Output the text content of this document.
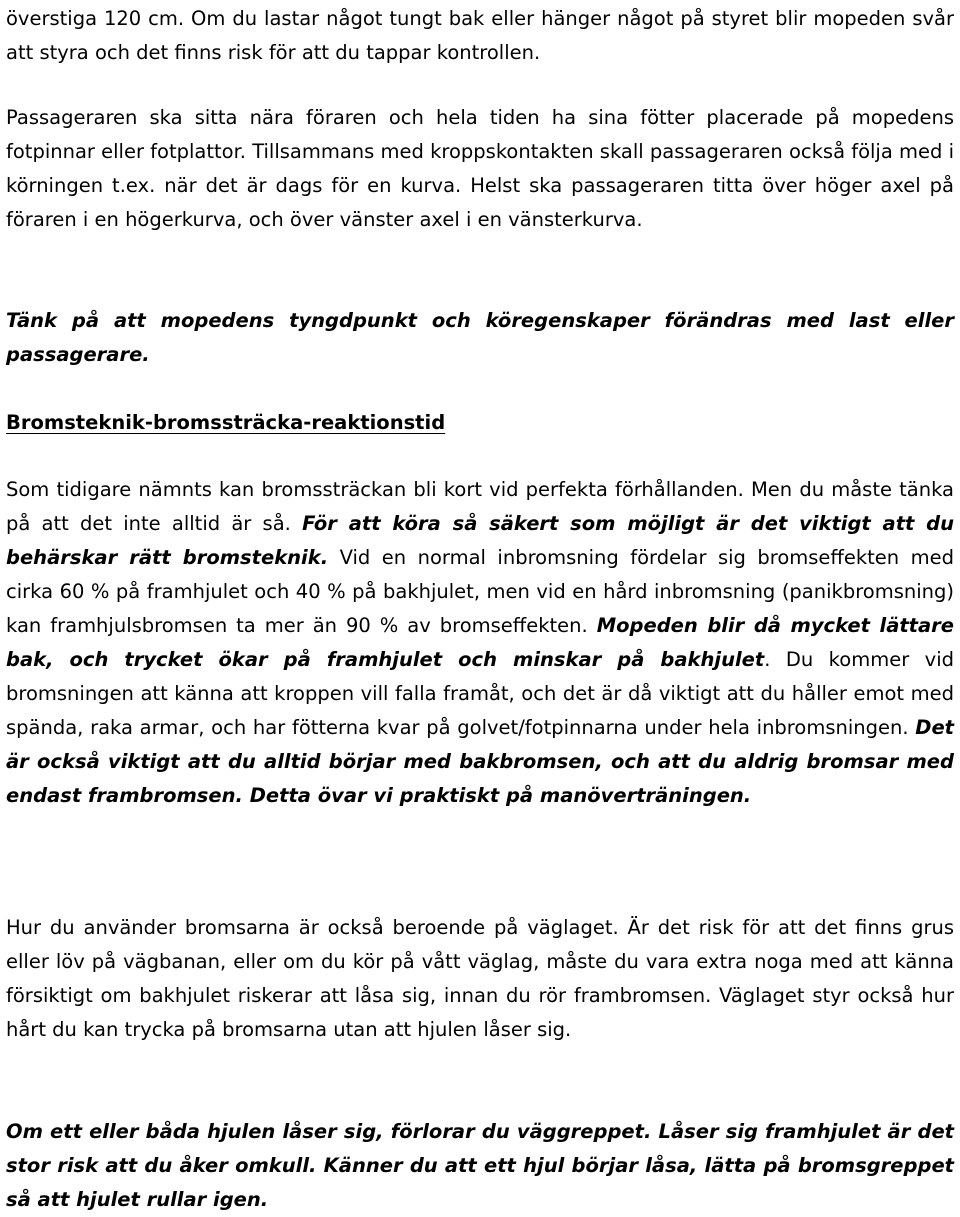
överstiga 120 cm. Om du lastar något tungt bak eller hänger något på styret blir mopeden svår att styra och det finns risk för att du tappar kontrollen.

Passageraren ska sitta nära föraren och hela tiden ha sina fötter placerade på mopedens fotpinnar eller fotplattor. Tillsammans med kroppskontakten skall passageraren också följa med i körningen t.ex. när det är dags för en kurva. Helst ska passageraren titta över höger axel på föraren i en högerkurva, och över vänster axel i en vänsterkurva.

Tänk på att mopedens tyngdpunkt och köregenskaper förändras med last eller passagerare.

Bromsteknik-bromssträcka-reaktionstid

Som tidigare nämnts kan bromssträckan bli kort vid perfekta förhållanden. Men du måste tänka på att det inte alltid är så. För att köra så säkert som möjligt är det viktigt att du behärskar rätt bromsteknik. Vid en normal inbromsning fördelar sig bromseffekten med cirka 60 % på framhjulet och 40 % på bakhjulet, men vid en hård inbromsning (panikbromsning) kan framhjulsbromsen ta mer än 90 % av bromseffekten. Mopeden blir då mycket lättare bak, och trycket ökar på framhjulet och minskar på bakhjulet. Du kommer vid bromsningen att känna att kroppen vill falla framåt, och det är då viktigt att du håller emot med spända, raka armar, och har fötterna kvar på golvet/fotpinnarna under hela inbromsningen. Det är också viktigt att du alltid börjar med bakbromsen, och att du aldrig bromsar med endast frambromsen. Detta övar vi praktiskt på manöverträningen.

Hur du använder bromsarna är också beroende på väglaget. Är det risk för att det finns grus eller löv på vägbanan, eller om du kör på vått väglag, måste du vara extra noga med att känna försiktigt om bakhjulet riskerar att låsa sig, innan du rör frambromsen. Väglaget styr också hur hårt du kan trycka på bromsarna utan att hjulen låser sig.

Om ett eller båda hjulen låser sig, förlorar du väggreppet. Låser sig framhjulet är det stor risk att du åker omkull. Känner du att ett hjul börjar låsa, lätta på bromsgreppet så att hjulet rullar igen.
